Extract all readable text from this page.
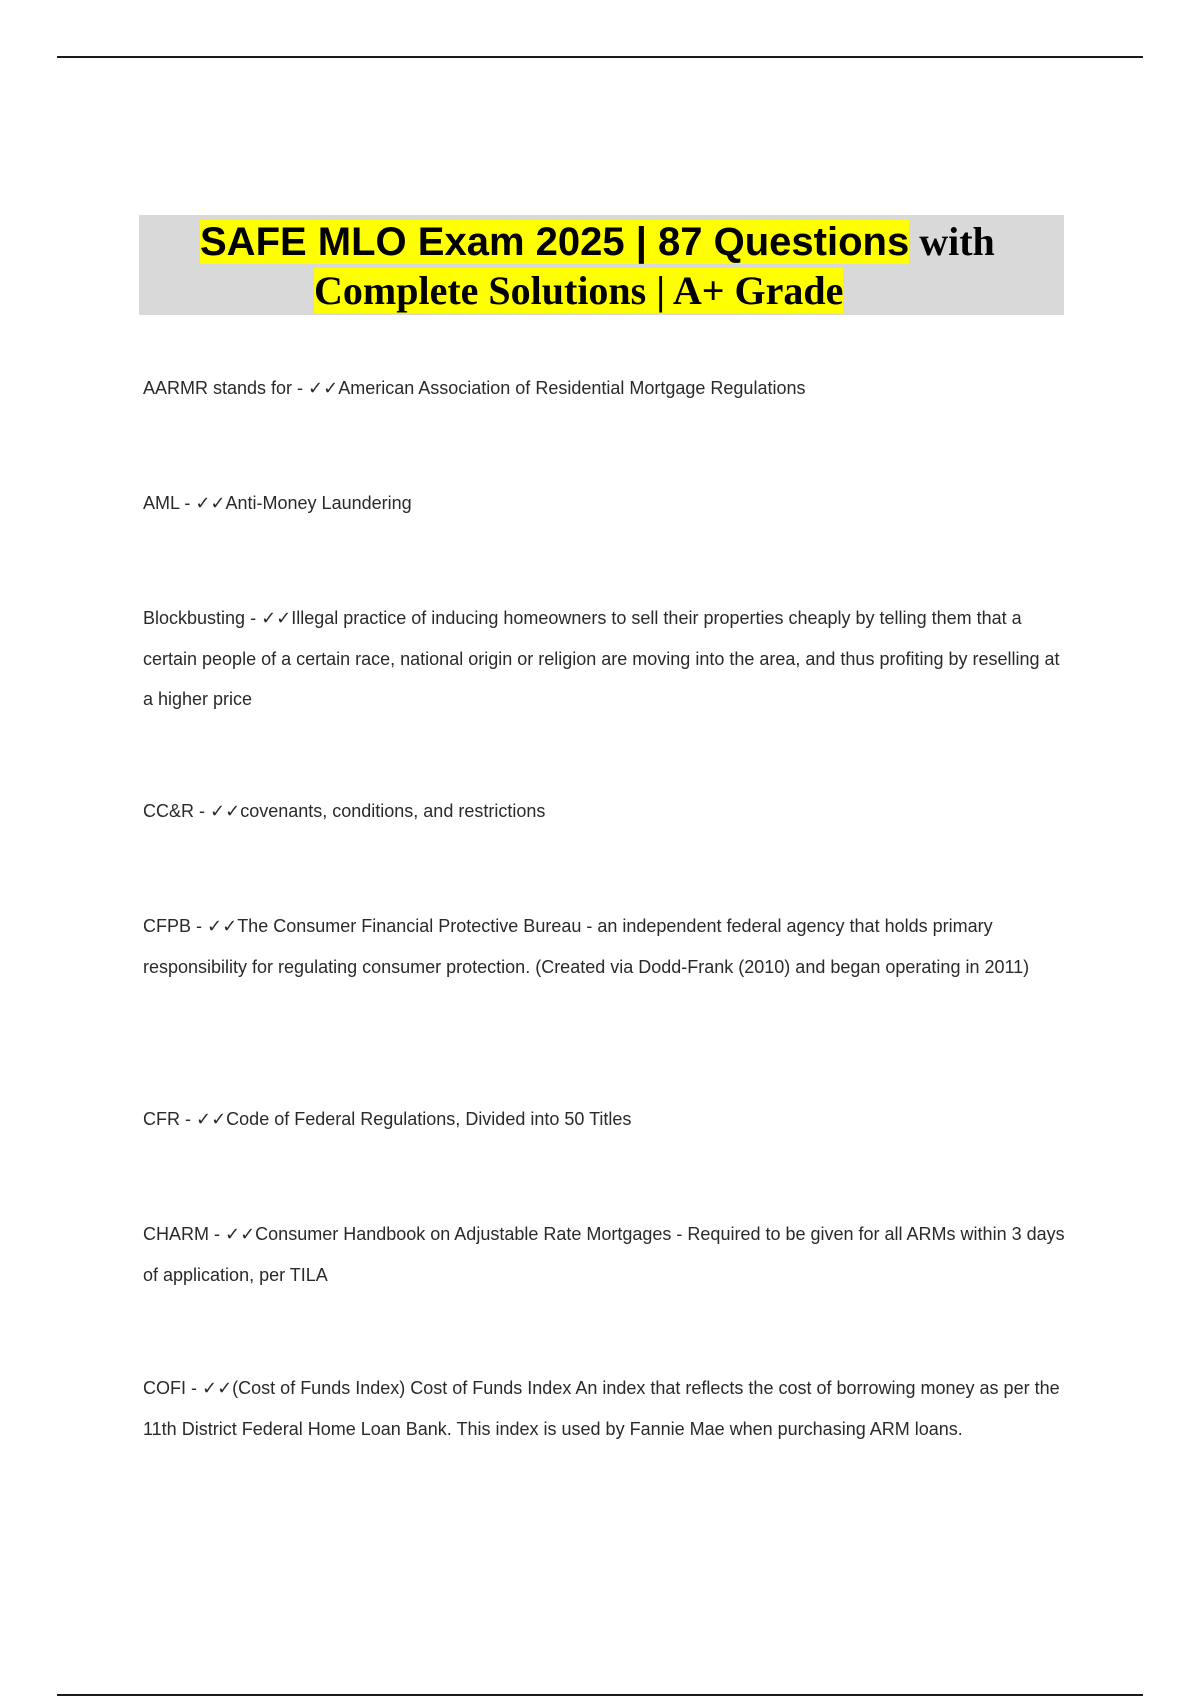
SAFE MLO Exam 2025 | 87 Questions with
Complete Solutions | A+ Grade
AARMR stands for - ✓✓American Association of Residential Mortgage Regulations
AML - ✓✓Anti-Money Laundering
Blockbusting - ✓✓Illegal practice of inducing homeowners to sell their properties cheaply by telling them that a certain people of a certain race, national origin or religion are moving into the area, and thus profiting by reselling at a higher price
CC&R - ✓✓covenants, conditions, and restrictions
CFPB - ✓✓The Consumer Financial Protective Bureau - an independent federal agency that holds primary responsibility for regulating consumer protection. (Created via Dodd-Frank (2010) and began operating in 2011)
CFR - ✓✓Code of Federal Regulations, Divided into 50 Titles
CHARM - ✓✓Consumer Handbook on Adjustable Rate Mortgages - Required to be given for all ARMs within 3 days of application, per TILA
COFI - ✓✓(Cost of Funds Index) Cost of Funds Index An index that reflects the cost of borrowing money as per the 11th District Federal Home Loan Bank. This index is used by Fannie Mae when purchasing ARM loans.
